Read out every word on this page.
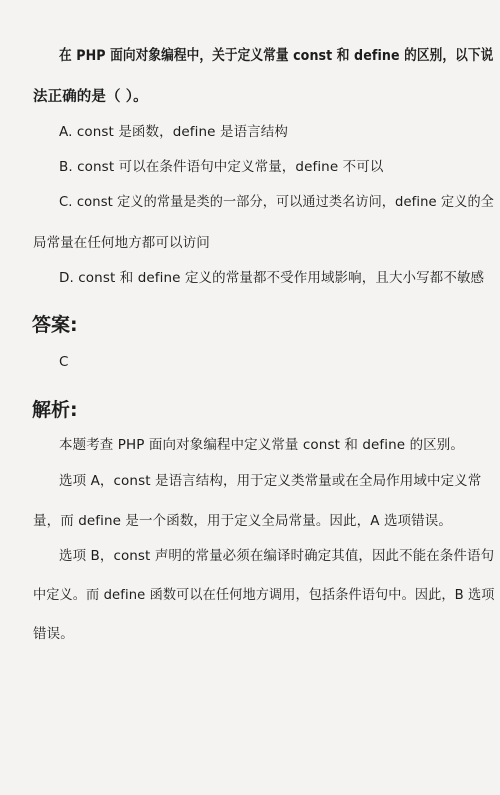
在 PHP 面向对象编程中，关于定义常量 const 和 define 的区别，以下说
法正确的是（ ）。
A. const 是函数，define 是语言结构
B. const 可以在条件语句中定义常量，define 不可以
C. const 定义的常量是类的一部分，可以通过类名访问，define 定义的全
局常量在任何地方都可以访问
D. const 和 define 定义的常量都不受作用域影响，且大小写都不敏感
答案:
C
解析:
本题考查 PHP 面向对象编程中定义常量 const 和 define 的区别。
选项 A，const 是语言结构，用于定义类常量或在全局作用域中定义常
量，而 define 是一个函数，用于定义全局常量。因此，A 选项错误。
选项 B，const 声明的常量必须在编译时确定其值，因此不能在条件语句
中定义。而 define 函数可以在任何地方调用，包括条件语句中。因此，B 选项
错误。
